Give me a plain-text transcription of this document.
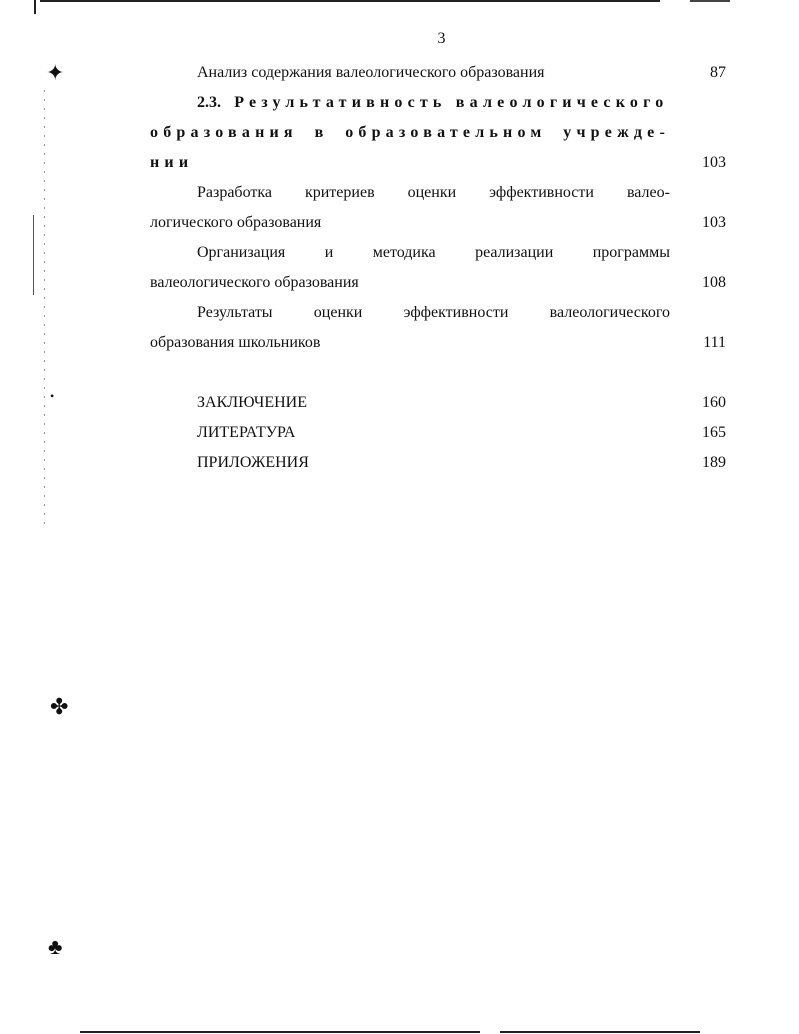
✦
•
✤
♣
3
Анализ содержания валеологического образования	87
2.3. Результативность валеологического
образования в образовательном учрежде-
нии	103
Разработка критериев оценки эффективности валео-
логического образования	103
Организация и методика реализации программы
валеологического образования	108
Результаты	оценки	эффективности	валеологического
образования школьников	111
ЗАКЛЮЧЕНИЕ	160
ЛИТЕРАТУРА	165
ПРИЛОЖЕНИЯ	189
